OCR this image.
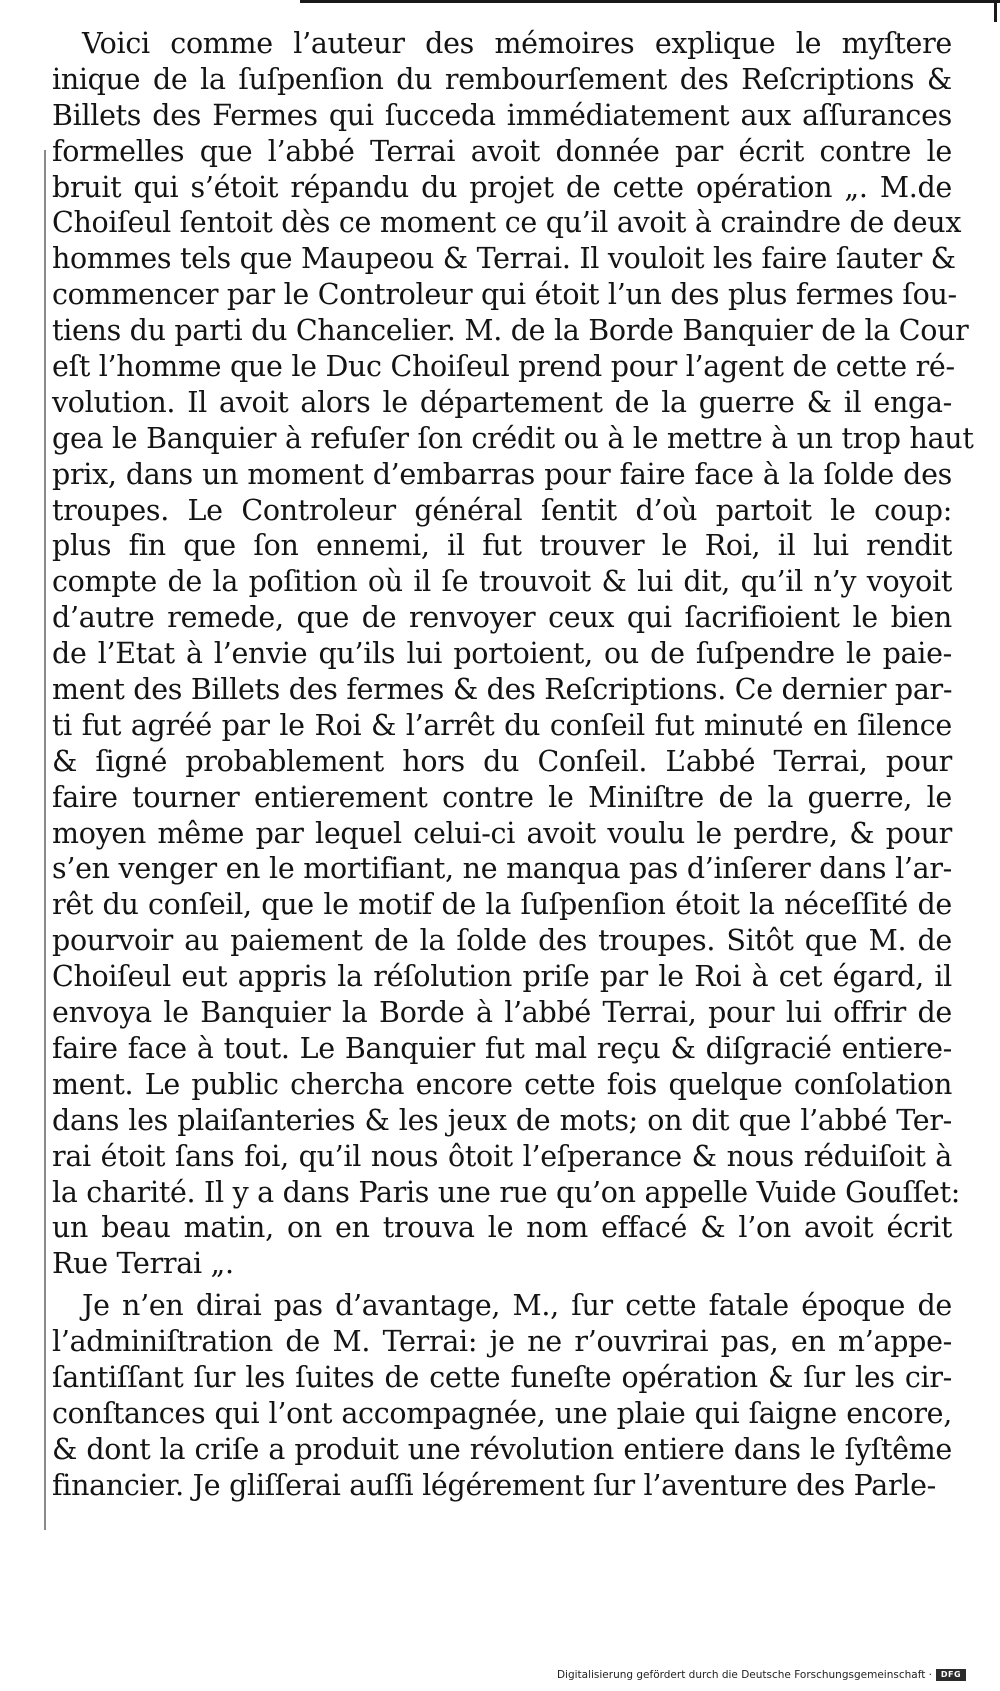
Voici comme l’auteur des mémoires explique le myſtere
inique de la ſuſpenſion du rembourſement des Reſcriptions &
Billets des Fermes qui ſucceda immédiatement aux aſſurances
formelles que l’abbé Terrai avoit donnée par écrit contre le
bruit qui s’étoit répandu du projet de cette opération „. M.de
Choiſeul ſentoit dès ce moment ce qu’il avoit à craindre de deux
hommes tels que Maupeou & Terrai. Il vouloit les faire ſauter &
commencer par le Controleur qui étoit l’un des plus fermes ſou-
tiens du parti du Chancelier. M. de la Borde Banquier de la Cour
eſt l’homme que le Duc Choiſeul prend pour l’agent de cette ré-
volution. Il avoit alors le département de la guerre & il enga-
gea le Banquier à refuſer ſon crédit ou à le mettre à un trop haut
prix, dans un moment d’embarras pour faire face à la ſolde des
troupes. Le Controleur général ſentit d’où partoit le coup:
plus fin que ſon ennemi, il fut trouver le Roi, il lui rendit
compte de la poſition où il ſe trouvoit & lui dit, qu’il n’y voyoit
d’autre remede, que de renvoyer ceux qui ſacrifioient le bien
de l’Etat à l’envie qu’ils lui portoient, ou de ſuſpendre le paie-
ment des Billets des fermes & des Reſcriptions. Ce dernier par-
ti fut agréé par le Roi & l’arrêt du conſeil fut minuté en ſilence
& ſigné probablement hors du Conſeil. L’abbé Terrai, pour
faire tourner entierement contre le Miniſtre de la guerre, le
moyen même par lequel celui-ci avoit voulu le perdre, & pour
s’en venger en le mortifiant, ne manqua pas d’inſerer dans l’ar-
rêt du conſeil, que le motif de la ſuſpenſion étoit la néceſſité de
pourvoir au paiement de la ſolde des troupes. Sitôt que M. de
Choiſeul eut appris la réſolution priſe par le Roi à cet égard, il
envoya le Banquier la Borde à l’abbé Terrai, pour lui offrir de
faire face à tout. Le Banquier fut mal reçu & diſgracié entiere-
ment. Le public chercha encore cette fois quelque conſolation
dans les plaiſanteries & les jeux de mots; on dit que l’abbé Ter-
rai étoit ſans foi, qu’il nous ôtoit l’eſperance & nous réduiſoit à
la charité. Il y a dans Paris une rue qu’on appelle Vuide Gouſſet:
un beau matin, on en trouva le nom effacé & l’on avoit écrit
Rue Terrai „.
Je n’en dirai pas d’avantage, M., ſur cette fatale époque de
l’adminiſtration de M. Terrai: je ne r’ouvrirai pas, en m’appe-
ſantiſſant ſur les ſuites de cette funeſte opération & ſur les cir-
conſtances qui l’ont accompagnée, une plaie qui ſaigne encore,
& dont la criſe a produit une révolution entiere dans le ſyſtême
financier. Je gliſſerai auſſi légérement ſur l’aventure des Parle-
Digitalisierung gefördert durch die Deutsche Forschungsgemeinschaft ·	DFG
